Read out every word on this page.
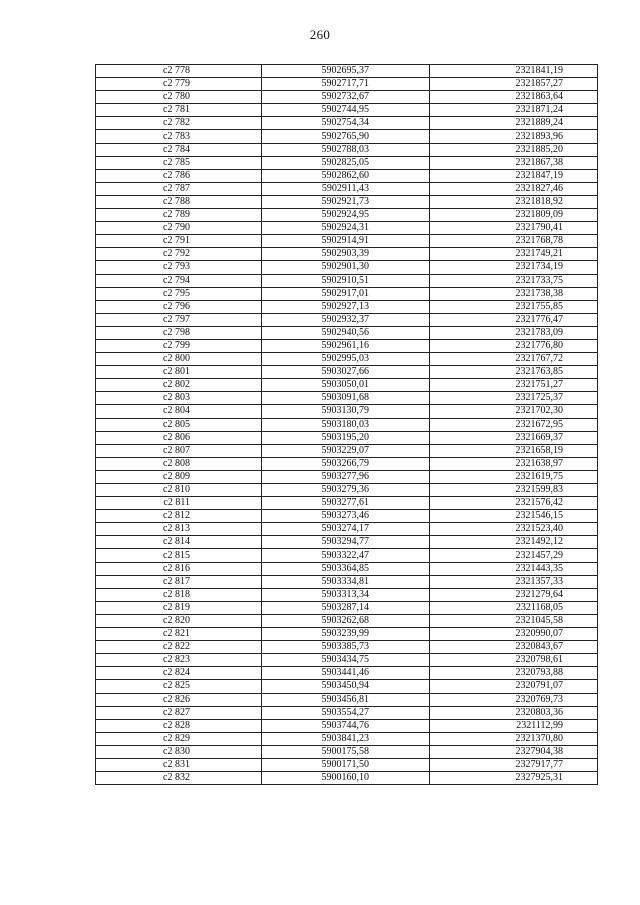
260
c2 778	5902695,37	2321841,19
c2 779	5902717,71	2321857,27
c2 780	5902732,67	2321863,64
c2 781	5902744,95	2321871,24
c2 782	5902754,34	2321889,24
c2 783	5902765,90	2321893,96
c2 784	5902788,03	2321885,20
c2 785	5902825,05	2321867,38
c2 786	5902862,60	2321847,19
c2 787	5902911,43	2321827,46
c2 788	5902921,73	2321818,92
c2 789	5902924,95	2321809,09
c2 790	5902924,31	2321790,41
c2 791	5902914,91	2321768,78
c2 792	5902903,39	2321749,21
c2 793	5902901,30	2321734,19
c2 794	5902910,51	2321733,75
c2 795	5902917,01	2321738,38
c2 796	5902927,13	2321755,85
c2 797	5902932,37	2321776,47
c2 798	5902940,56	2321783,09
c2 799	5902961,16	2321776,80
c2 800	5902995,03	2321767,72
c2 801	5903027,66	2321763,85
c2 802	5903050,01	2321751,27
c2 803	5903091,68	2321725,37
c2 804	5903130,79	2321702,30
c2 805	5903180,03	2321672,95
c2 806	5903195,20	2321669,37
c2 807	5903229,07	2321658,19
c2 808	5903266,79	2321638,97
c2 809	5903277,96	2321619,75
c2 810	5903279,36	2321599,83
c2 811	5903277,61	2321576,42
c2 812	5903273,46	2321546,15
c2 813	5903274,17	2321523,40
c2 814	5903294,77	2321492,12
c2 815	5903322,47	2321457,29
c2 816	5903364,85	2321443,35
c2 817	5903334,81	2321357,33
c2 818	5903313,34	2321279,64
c2 819	5903287,14	2321168,05
c2 820	5903262,68	2321045,58
c2 821	5903239,99	2320990,07
c2 822	5903385,73	2320843,67
c2 823	5903434,75	2320798,61
c2 824	5903441,46	2320793,88
c2 825	5903450,94	2320791,07
c2 826	5903456,81	2320769,73
c2 827	5903554,27	2320803,36
c2 828	5903744,76	2321112,99
c2 829	5903841,23	2321370,80
c2 830	5900175,58	2327904,38
c2 831	5900171,50	2327917,77
c2 832	5900160,10	2327925,31
